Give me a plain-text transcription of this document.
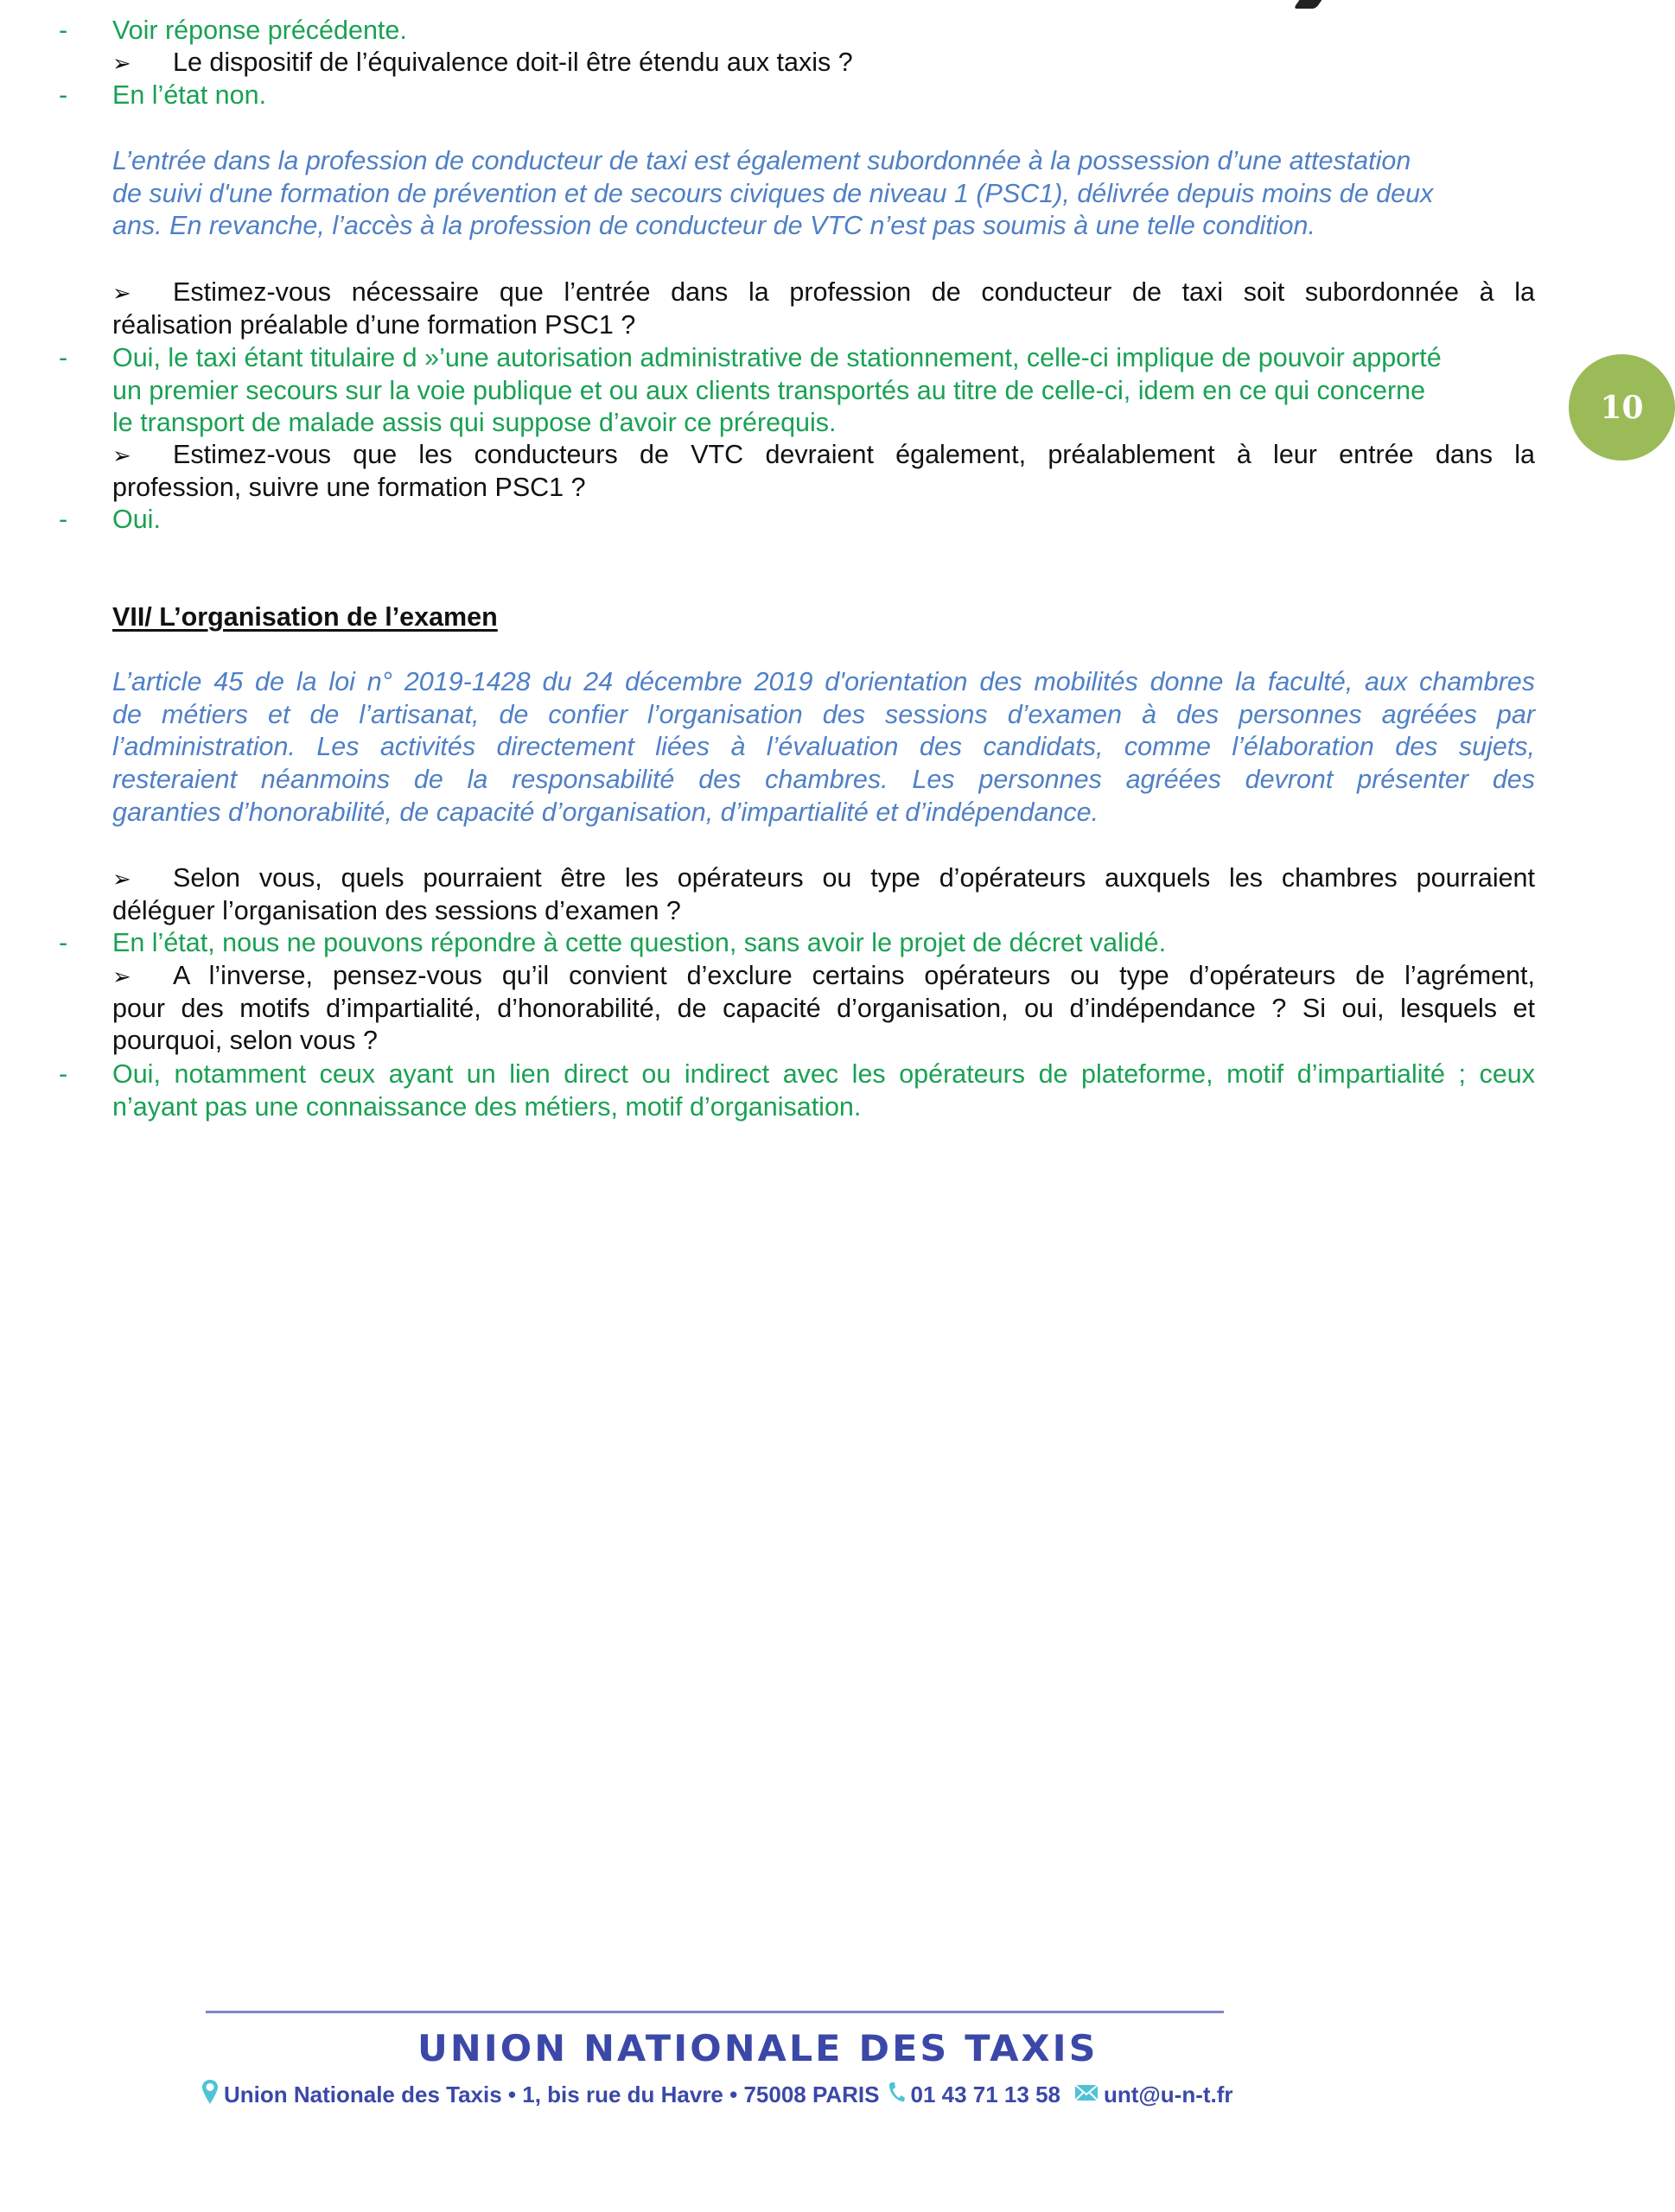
- Voir réponse précédente.
➢ Le dispositif de l’équivalence doit-il être étendu aux taxis ?
- En l’état non.
L’entrée dans la profession de conducteur de taxi est également subordonnée à la possession d’une attestation
de suivi d'une formation de prévention et de secours civiques de niveau 1 (PSC1), délivrée depuis moins de deux
ans. En revanche, l’accès à la profession de conducteur de VTC n’est pas soumis à une telle condition.
➢ Estimez-vous nécessaire que l’entrée dans la profession de conducteur de taxi soit subordonnée à la
réalisation préalable d’une formation PSC1 ?
- Oui, le taxi étant titulaire d »’une autorisation administrative de stationnement, celle-ci implique de pouvoir apporté
un premier secours sur la voie publique et ou aux clients transportés au titre de celle-ci, idem en ce qui concerne
le transport de malade assis qui suppose d’avoir ce prérequis.
➢ Estimez-vous que les conducteurs de VTC devraient également, préalablement à leur entrée dans la
profession, suivre une formation PSC1 ?
- Oui.
VII/ L’organisation de l’examen
L’article 45 de la loi n° 2019-1428 du 24 décembre 2019 d'orientation des mobilités donne la faculté, aux chambres
de métiers et de l’artisanat, de confier l’organisation des sessions d’examen à des personnes agréées par
l’administration. Les activités directement liées à l’évaluation des candidats, comme l’élaboration des sujets,
resteraient néanmoins de la responsabilité des chambres. Les personnes agréées devront présenter des
garanties d’honorabilité, de capacité d’organisation, d’impartialité et d’indépendance.
➢ Selon vous, quels pourraient être les opérateurs ou type d’opérateurs auxquels les chambres pourraient
déléguer l’organisation des sessions d’examen ?
- En l’état, nous ne pouvons répondre à cette question, sans avoir le projet de décret validé.
➢ A l’inverse, pensez-vous qu’il convient d’exclure certains opérateurs ou type d’opérateurs de l’agrément,
pour des motifs d’impartialité, d’honorabilité, de capacité d’organisation, ou d’indépendance ? Si oui, lesquels et
pourquoi, selon vous ?
- Oui, notamment ceux ayant un lien direct ou indirect avec les opérateurs de plateforme, motif d’impartialité ; ceux
n’ayant pas une connaissance des métiers, motif d’organisation.
10
UNION NATIONALE DES TAXIS
Union Nationale des Taxis • 1, bis rue du Havre • 75008 PARIS 01 43 71 13 58 unt@u-n-t.fr
